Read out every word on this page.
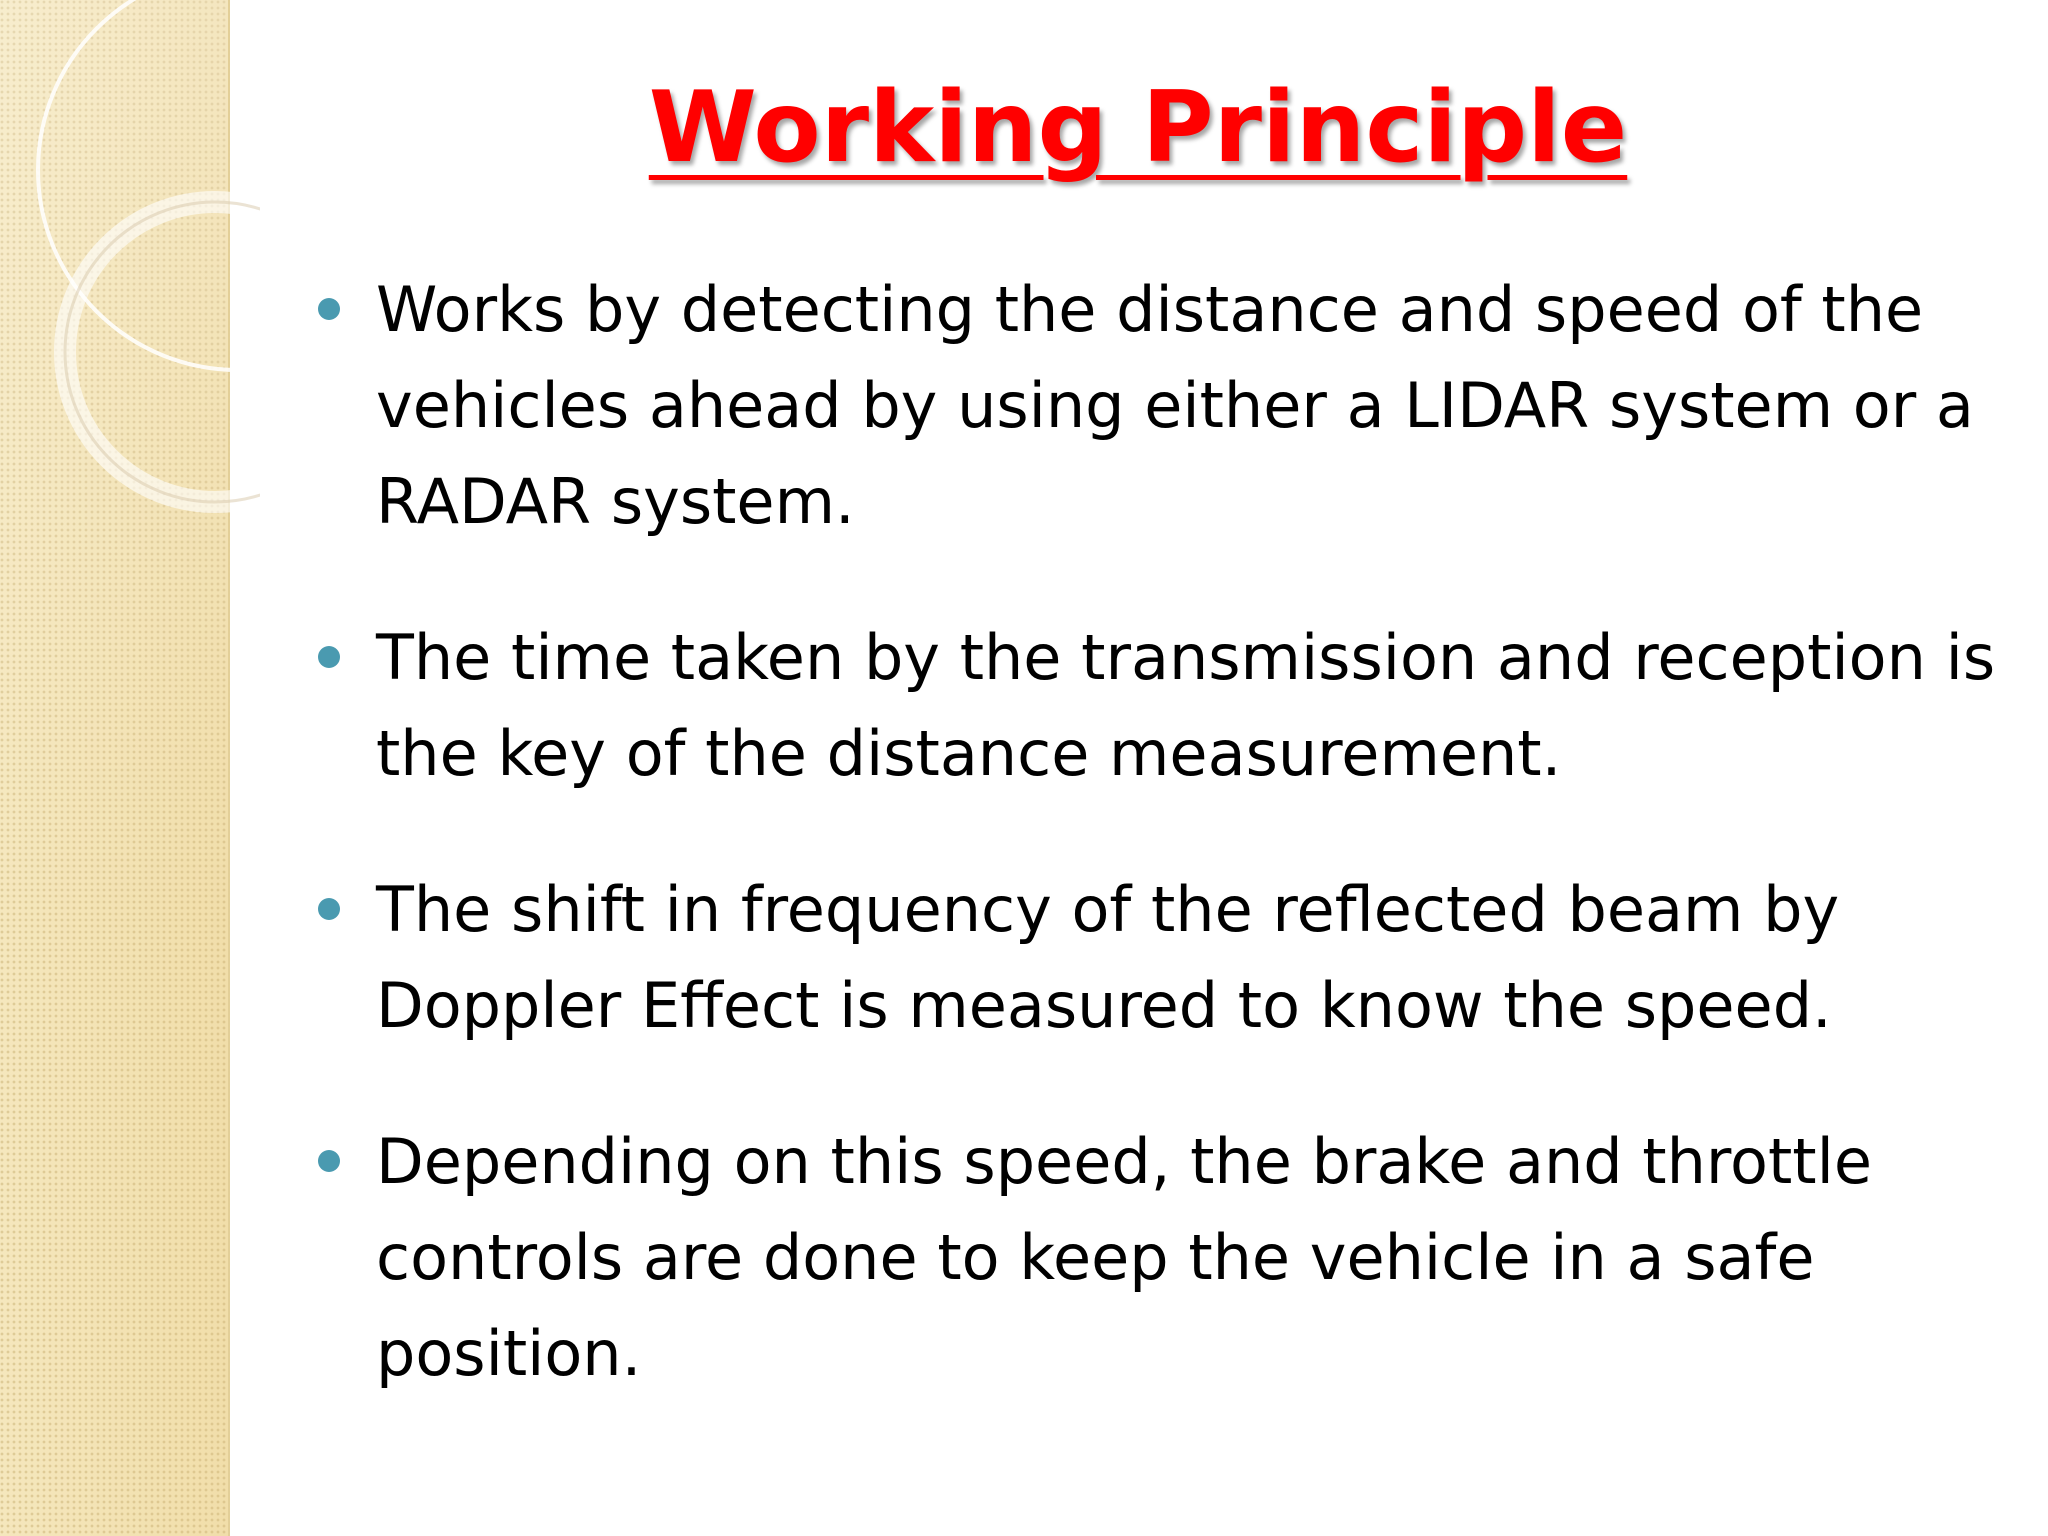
Working Principle
Works by detecting the distance and speed of the vehicles ahead by using either a LIDAR system or a RADAR system.
The time taken by the transmission and reception is the key of the distance measurement.
The shift in frequency of the reflected beam by Doppler Effect is measured to know the speed.
Depending on this speed, the brake and throttle controls are done to keep the vehicle in a safe position.
